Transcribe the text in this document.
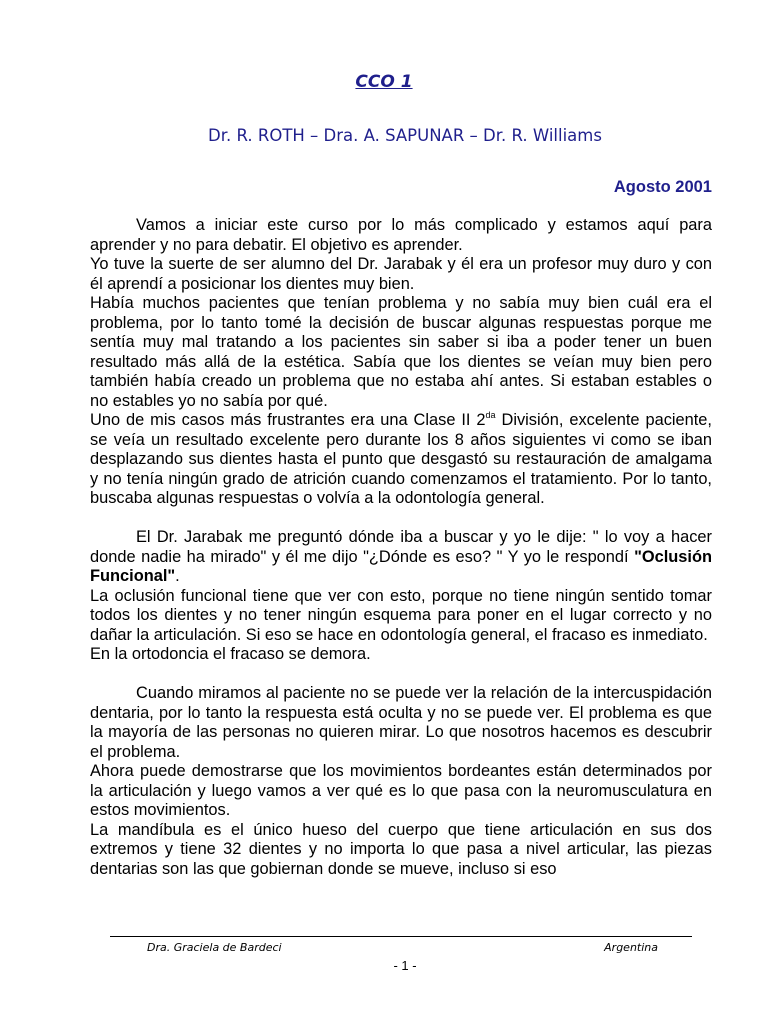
CCO 1
Dr. R. ROTH – Dra. A. SAPUNAR – Dr. R. Williams
Agosto 2001

Vamos a iniciar este curso por lo más complicado y estamos aquí para aprender y no para debatir. El objetivo es aprender.

Yo tuve la suerte de ser alumno del Dr. Jarabak y él era un profesor muy duro y con él aprendí a posicionar los dientes muy bien.

Había muchos pacientes que tenían problema y no sabía muy bien cuál era el problema, por lo tanto tomé la decisión de buscar algunas respuestas porque me sentía muy mal tratando a los pacientes sin saber si iba a poder tener un buen resultado más allá de la estética. Sabía que los dientes se veían muy bien pero también había creado un problema que no estaba ahí antes. Si estaban estables o no estables yo no sabía por qué.

Uno de mis casos más frustrantes era una Clase II $2^{da}$ División, excelente paciente, se veía un resultado excelente pero durante los 8 años siguientes vi como se iban desplazando sus dientes hasta el punto que desgastó su restauración de amalgama y no tenía ningún grado de atrición cuando comenzamos el tratamiento. Por lo tanto, buscaba algunas respuestas o volvía a la odontología general.

El Dr. Jarabak me preguntó dónde iba a buscar y yo le dije: " lo voy a hacer donde nadie ha mirado" y él me dijo "¿Dónde es eso? " Y yo le respondí "Oclusión Funcional".

La oclusión funcional tiene que ver con esto, porque no tiene ningún sentido tomar todos los dientes y no tener ningún esquema para poner en el lugar correcto y no dañar la articulación. Si eso se hace en odontología general, el fracaso es inmediato.

En la ortodoncia el fracaso se demora.

Cuando miramos al paciente no se puede ver la relación de la intercuspidación dentaria, por lo tanto la respuesta está oculta y no se puede ver. El problema es que la mayoría de las personas no quieren mirar. Lo que nosotros hacemos es descubrir el problema.

Ahora puede demostrarse que los movimientos bordeantes están determinados por la articulación y luego vamos a ver qué es lo que pasa con la neuromusculatura en estos movimientos.

La mandíbula es el único hueso del cuerpo que tiene articulación en sus dos extremos y tiene 32 dientes y no importa lo que pasa a nivel articular, las piezas dentarias son las que gobiernan donde se mueve, incluso si eso

Dra. Graciela de Bardeci	Argentina
- 1 -
